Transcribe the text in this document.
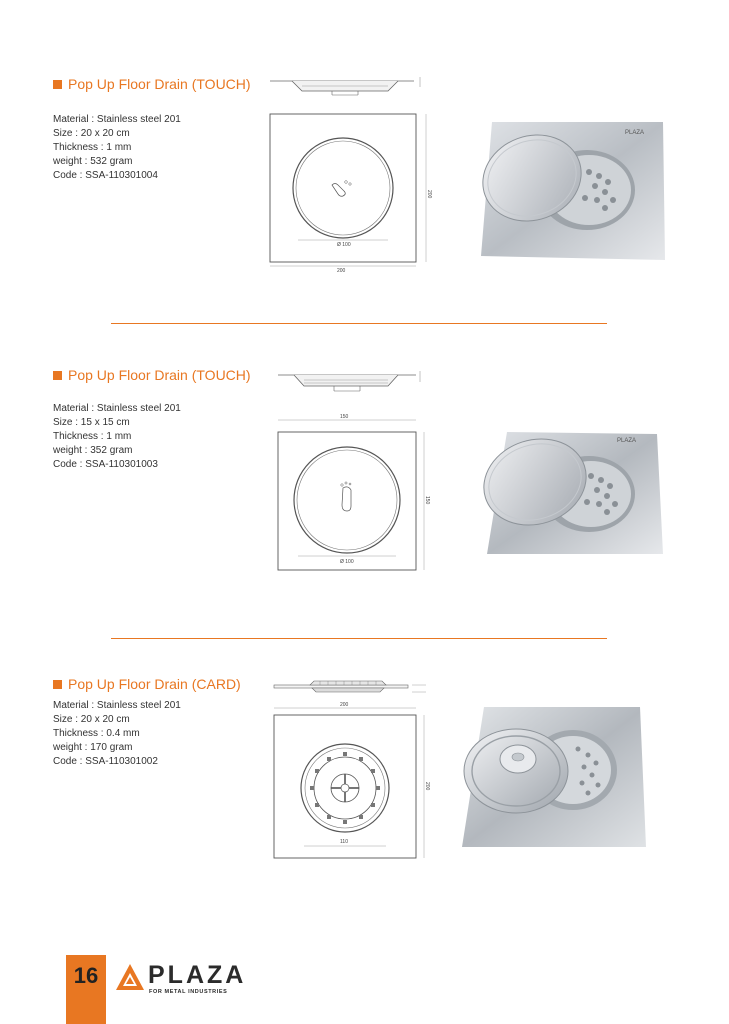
Pop Up Floor Drain (TOUCH)
Material : Stainless steel 201
Size : 20 x 20 cm
Thickness : 1 mm
weight : 532 gram
Code : SSA-110301004
Ø 100
200
200
PLAZA
Pop Up Floor Drain (TOUCH)
Material : Stainless steel 201
Size : 15 x 15 cm
Thickness : 1 mm
weight : 352 gram
Code : SSA-110301003
150
Ø 100
150
PLAZA
Pop Up Floor Drain (CARD)
Material : Stainless steel 201
Size : 20 x 20 cm
Thickness : 0.4 mm
weight : 170 gram
Code : SSA-110301002
200
110
200
16	PLAZA
FOR METAL INDUSTRIES
